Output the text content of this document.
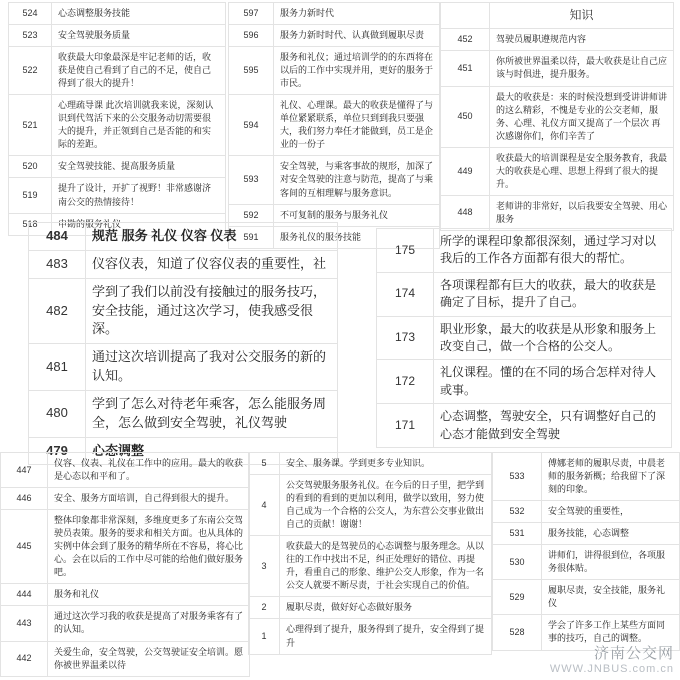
524	心态调整服务技能
523	安全驾驶服务质量
522	收获最大印象最深是牢记老师的话，收获是使自己看到了自己的不足，使自己得到了很大的提升！
521	心理疏导课 此次培训就我来说，深刻认识到代驾活下来的公交服务动切需要很大的提升，并正领到自己是否能的和实际的差距。
520	安全驾驶技能、提高服务质量
519	提升了设计，开扩了视野！非常感谢济南公交的热情接待！
518	申勘的服务礼仪
597	服务力新时代
596	服务力新时时代、认真做到履职尽责
595	服务和礼仪；通过培训学的的东西将在以后的工作中实现并用，更好的服务于市民。
594	礼仪、心理课。最大的收获是懂得了与单位紧紧联系，单位只到到我只要强大，我们努力奉任才能做到，员工是企业的一份子
593	安全驾驶，与乘客事故的规形，加深了对安全驾驶的注意与防范，提高了与乘客间的互相理解与服务意识。
592	不可复制的服务与服务礼仪
591	服务礼仪的服务技能
	知识
452	驾驶员履职遵规范内容
451	你所被世界温柔以待，最大收获是让自己应该与时俱进，提升服务。
450	最大的收获是：来的时候没想到受讲讲师讲的这么精彩，不愧是专业的公交老师，服务、心理、礼仪方面又提高了一个层次 再次感谢你们，你们辛苦了
449	收获最大的培训课程是安全服务教育，我最大的收获是心理、思想上得到了很大的提升。
448	老师讲的非常好，以后我要安全驾驶、用心服务
484	规范 服务 礼仪 仪容 仪表
483	仪容仪表，知道了仪容仪表的重要性，社
482	学到了我们以前没有接触过的服务技巧，安全技能，通过这次学习，使我感受很深。
481	通过这次培训提高了我对公交服务的新的认知。
480	学到了怎么对待老年乘客，怎么能服务周全，怎么做到安全驾驶，礼仪驾驶
479	心态调整
175	所学的课程印象都很深刻，通过学习对以我后的工作各方面都有很大的帮忙。
174	各项课程都有巨大的收获，最大的收获是确定了目标，提升了自己。
173	职业形象，最大的收获是从形象和服务上改变自己，做一个合格的公交人。
172	礼仪课程。懂的在不同的场合怎样对待人或事。
171	心态调整，驾驶安全，只有调整好自己的心态才能做到安全驾驶
447	仪容、仪表、礼仪在工作中的应用。最大的收获是心态以和平和了。
446	安全、服务方面培训，自己得到很大的提升。
445	整体印象都非常深刻，多维度更多了东南公交驾驶员表策。服务的要求和相关方面。也从具体的实例中体会到了服务的精华所在不容易，将心比心。会在以后的工作中尽可能的给他们做好服务吧。
444	服务和礼仪
443	通过这次学习我的收获是提高了对服务乘客有了的认知。
442	关爱生命，安全驾驶，公交驾驶证安全培训。愿你被世界温柔以待
5	安全、服务课。学到更多专业知识。
4	公交驾驶服务服务礼仪。在今后的日子里，把学到的看到的看到的更加以利用，做学以致用，努力使自己成为一个合格的公交人，为东营公交事业做出自己的贡献！谢谢！
3	收获最大的是驾驶员的心态调整与服务理念。从以往的工作中找出不足，纠正处理好的错位、再提升，看重自己的形象、维护公交人形象，作为一名公交人就要不断尽责，于社会实现自己的价值。
2	履职尽责，做好好心态做好服务
1	心理得到了提升，服务得到了提升，安全得到了提升
533	傅娜老师的履职尽责，中晨老师的服务新概；给我留下了深刻的印象。
532	安全驾驶的重要性，
531	服务技能，心态调整
530	讲师们，讲得很到位，各项服务很体贴。
529	履职尽责，安全技能，服务礼仪
528	学会了许多工作上某些方面同事的技巧，自己的调整。
济南公交网
WWW.JNBUS.com.cn
